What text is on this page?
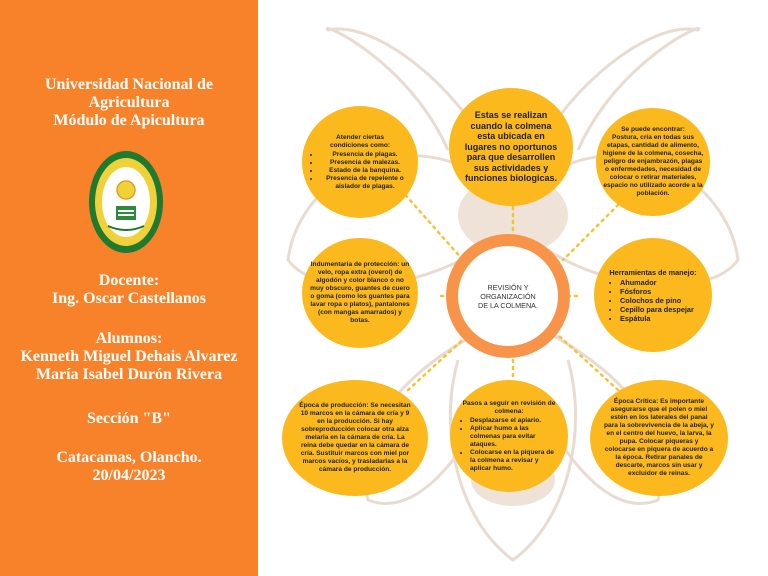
Universidad Nacional de
Agricultura
Módulo de Apicultura
Docente:
Ing. Oscar Castellanos
Alumnos:
Kenneth Miguel Dehais Alvarez
María Isabel Durón Rivera
Sección "B"
Catacamas, Olancho.
20/04/2023
Atender ciertas condiciones como:
• Presencia de plagas.
• Presencia de malezas.
• Estado de la banquina.
• Presencia de repelente o aislador de plagas.
Estas se realizan cuando la colmena esta ubicada en lugares no oportunos para que desarrollen sus actividades y funciones biologicas.
Se puede encontrar:
Postura, cría en todas sus etapas, cantidad de alimento, higiene de la colmena, cosecha, peligro de enjambrazón, plagas o enfermedades, necesidad de colocar o retirar materiales, espacio no utilizado acorde a la población.
Indumentaria de protección: un velo, ropa extra (overol) de algodón y color blanco o no muy obscuro, guantes de cuero o goma (como los guantes para lavar ropa o platos), pantalones (con mangas amarrados) y botas.
REVISIÓN Y
ORGANIZACIÓN
DE LA COLMENA.
Herramientas de manejo:
• Ahumador
• Fósforos
• Colochos de pino
• Cepillo para despejar
• Espátula
Época de producción: Se necesitan 10 marcos en la cámara de cría y 9 en la producción. Si hay sobreproducción colocar otra alza melaria en la cámara de cría. La reina debe quedar en la cámara de cría. Sustituir marcos con miel por marcos vacíos, y trasladarlas a la cámara de producción.
Pasos a seguir en revisión de colmena:
• Desplazarse el apiario.
• Aplicar humo a las colmenas para evitar ataques.
• Colocarse en la piquera de la colmena a revisar y aplicar humo.
Época Crítica: Es importante asegurarse que el polen o miel estén en los laterales del panal para la sobrevivencia de la abeja, y en el centro del huevo, la larva, la pupa. Colocar piqueras y colocarse en piquera de acuerdo a la época. Retirar panales de descarte, marcos sin usar y excluidor de reinas.
